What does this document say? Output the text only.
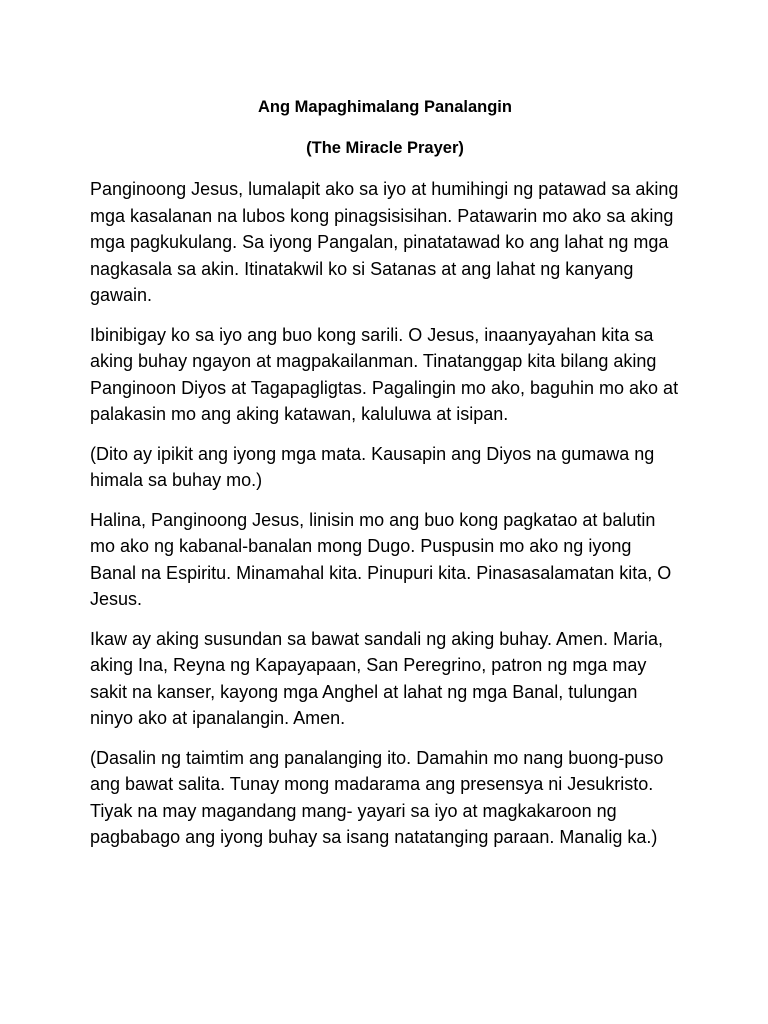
Ang Mapaghimalang Panalangin
(The Miracle Prayer)

Panginoong Jesus, lumalapit ako sa iyo at humihingi ng patawad sa aking mga kasalanan na lubos kong pinagsisisihan. Patawarin mo ako sa aking mga pagkukulang. Sa iyong Pangalan, pinatatawad ko ang lahat ng mga nagkasala sa akin. Itinatakwil ko si Satanas at ang lahat ng kanyang gawain.

Ibinibigay ko sa iyo ang buo kong sarili. O Jesus, inaanyayahan kita sa aking buhay ngayon at magpakailanman. Tinatanggap kita bilang aking Panginoon Diyos at Tagapagligtas. Pagalingin mo ako, baguhin mo ako at palakasin mo ang aking katawan, kaluluwa at isipan.

(Dito ay ipikit ang iyong mga mata. Kausapin ang Diyos na gumawa ng himala sa buhay mo.)

Halina, Panginoong Jesus, linisin mo ang buo kong pagkatao at balutin mo ako ng kabanal-banalan mong Dugo. Puspusin mo ako ng iyong Banal na Espiritu. Minamahal kita. Pinupuri kita. Pinasasalamatan kita, O Jesus.

Ikaw ay aking susundan sa bawat sandali ng aking buhay. Amen. Maria, aking Ina, Reyna ng Kapayapaan, San Peregrino, patron ng mga may sakit na kanser, kayong mga Anghel at lahat ng mga Banal, tulungan ninyo ako at ipanalangin. Amen.

(Dasalin ng taimtim ang panalanging ito. Damahin mo nang buong-puso ang bawat salita. Tunay mong madarama ang presensya ni Jesukristo. Tiyak na may magandang mang- yayari sa iyo at magkakaroon ng pagbabago ang iyong buhay sa isang natatanging paraan. Manalig ka.)
